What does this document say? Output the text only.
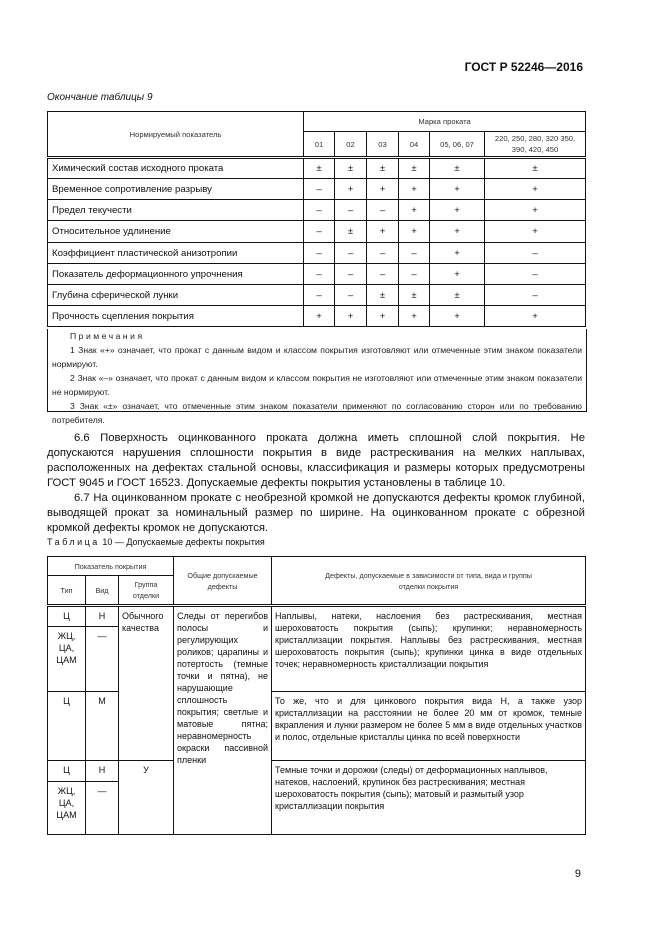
ГОСТ Р 52246—2016
Окончание таблицы 9
Нормируемый показатель	Марка проката					
	01	02	03	04	05, 06, 07	220, 250, 280, 320 350, 390, 420, 450
Химический состав исходного проката	±	±	±	±	±	±
Временное сопротивление разрыву	–	+	+	+	+	+
Предел текучести	–	–	–	+	+	+
Относительное удлинение	–	±	+	+	+	+
Коэффициент пластической анизотропии	–	–	–	–	+	–
Показатель деформационного упрочнения	–	–	–	–	+	–
Глубина сферической лунки	–	–	±	±	±	–
Прочность сцепления покрытия	+	+	+	+	+	+

Примечания

1 Знак «+» означает, что прокат с данным видом и классом покрытия изготовляют или отмеченные этим знаком показатели нормируют.

2 Знак «–» означает, что прокат с данным видом и классом покрытия не изготовляют или отмеченные этим знаком показатели не нормируют.

3 Знак «±» означает, что отмеченные этим знаком показатели применяют по согласованию сторон или по требованию потребителя.

6.6 Поверхность оцинкованного проката должна иметь сплошной слой покрытия. Не допускаются нарушения сплошности покрытия в виде растрескивания на мелких наплывах, расположенных на дефектах стальной основы, классификация и размеры которых предусмотрены ГОСТ 9045 и ГОСТ 16523. Допускаемые дефекты покрытия установлены в таблице 10.

6.7 На оцинкованном прокате с необрезной кромкой не допускаются дефекты кромок глубиной, выводящей прокат за номинальный размер по ширине. На оцинкованном прокате с обрезной кромкой дефекты кромок не допускаются.

Таблица 10 — Допускаемые дефекты покрытия
Показатель покрытия			Общие допускаемые дефекты	Дефекты, допускаемые в зависимости от типа, вида и группы отделки покрытия
Тип	Вид	Группа отделки		
Ц	Н	Обычного качества	Следы от перегибов полосы и регулирующих роликов; царапины и потертость (темные точки и пятна), не нарушающие сплошность покрытия; светлые и матовые пятна; неравномерность окраски пассивной пленки	Наплывы, натеки, наслоения без растрескивания, местная шероховатость покрытия (сыпь); крупинки; неравномерность кристаллизации покрытия. Наплывы без растрескивания, местная шероховатость покрытия (сыпь); крупинки цинка в виде отдельных точек; неравномерность кристаллизации покрытия
ЖЦ, ЦА, ЦАМ	—			
Ц	М			То же, что и для цинкового покрытия вида Н, а также узор кристаллизации на расстоянии не более 20 мм от кромок, темные вкрапления и лунки размером не более 5 мм в виде отдельных участков и полос, отдельные кристаллы цинка по всей поверхности
Ц	Н	У		Темные точки и дорожки (следы) от деформационных наплывов, натеков, наслоений, крупинок без растрескивания; местная шероховатость покрытия (сыпь); матовый и размытый узор кристаллизации покрытия
ЖЦ, ЦА, ЦАМ	—			
9
